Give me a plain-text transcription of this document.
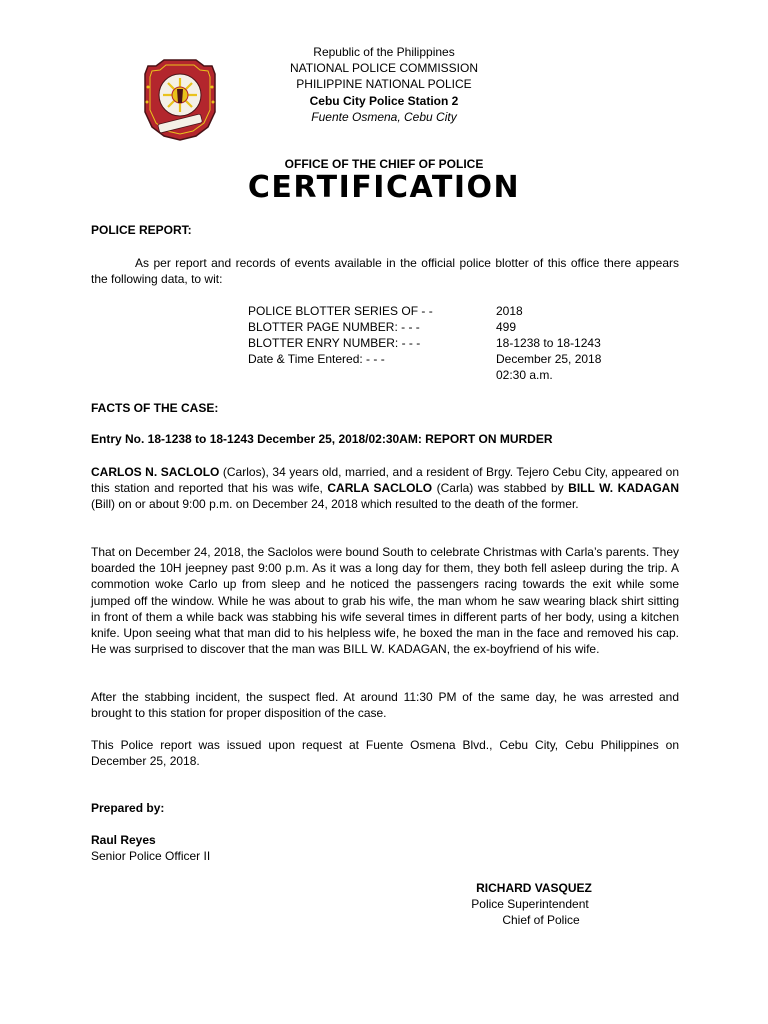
Republic of the Philippines
NATIONAL POLICE COMMISSION
PHILIPPINE NATIONAL POLICE
Cebu City Police Station 2
Fuente Osmena, Cebu City
OFFICE OF THE CHIEF OF POLICE
CERTIFICATION
POLICE REPORT:
As per report and records of events available in the official police blotter of this office there appears the following data, to wit:
POLICE BLOTTER SERIES OF - -	2018
BLOTTER PAGE NUMBER: - - -	499
BLOTTER ENRY NUMBER: - - -	18-1238 to 18-1243
Date & Time Entered: - - -	December 25, 2018
02:30 a.m.
FACTS OF THE CASE:
Entry No. 18-1238 to 18-1243 December 25, 2018/02:30AM: REPORT ON MURDER
CARLOS N. SACLOLO (Carlos), 34 years old, married, and a resident of Brgy. Tejero Cebu City, appeared on this station and reported that his was wife, CARLA SACLOLO (Carla) was stabbed by BILL W. KADAGAN (Bill) on or about 9:00 p.m. on December 24, 2018 which resulted to the death of the former.
That on December 24, 2018, the Saclolos were bound South to celebrate Christmas with Carla’s parents. They boarded the 10H jeepney past 9:00 p.m. As it was a long day for them, they both fell asleep during the trip. A commotion woke Carlo up from sleep and he noticed the passengers racing towards the exit while some jumped off the window. While he was about to grab his wife, the man whom he saw wearing black shirt sitting in front of them a while back was stabbing his wife several times in different parts of her body, using a kitchen knife. Upon seeing what that man did to his helpless wife, he boxed the man in the face and removed his cap. He was surprised to discover that the man was BILL W. KADAGAN, the ex-boyfriend of his wife.
After the stabbing incident, the suspect fled. At around 11:30 PM of the same day, he was arrested and brought to this station for proper disposition of the case.
This Police report was issued upon request at Fuente Osmena Blvd., Cebu City, Cebu Philippines on December 25, 2018.
Prepared by:
Raul Reyes
Senior Police Officer II
RICHARD VASQUEZ
Police Superintendent
Chief of Police
